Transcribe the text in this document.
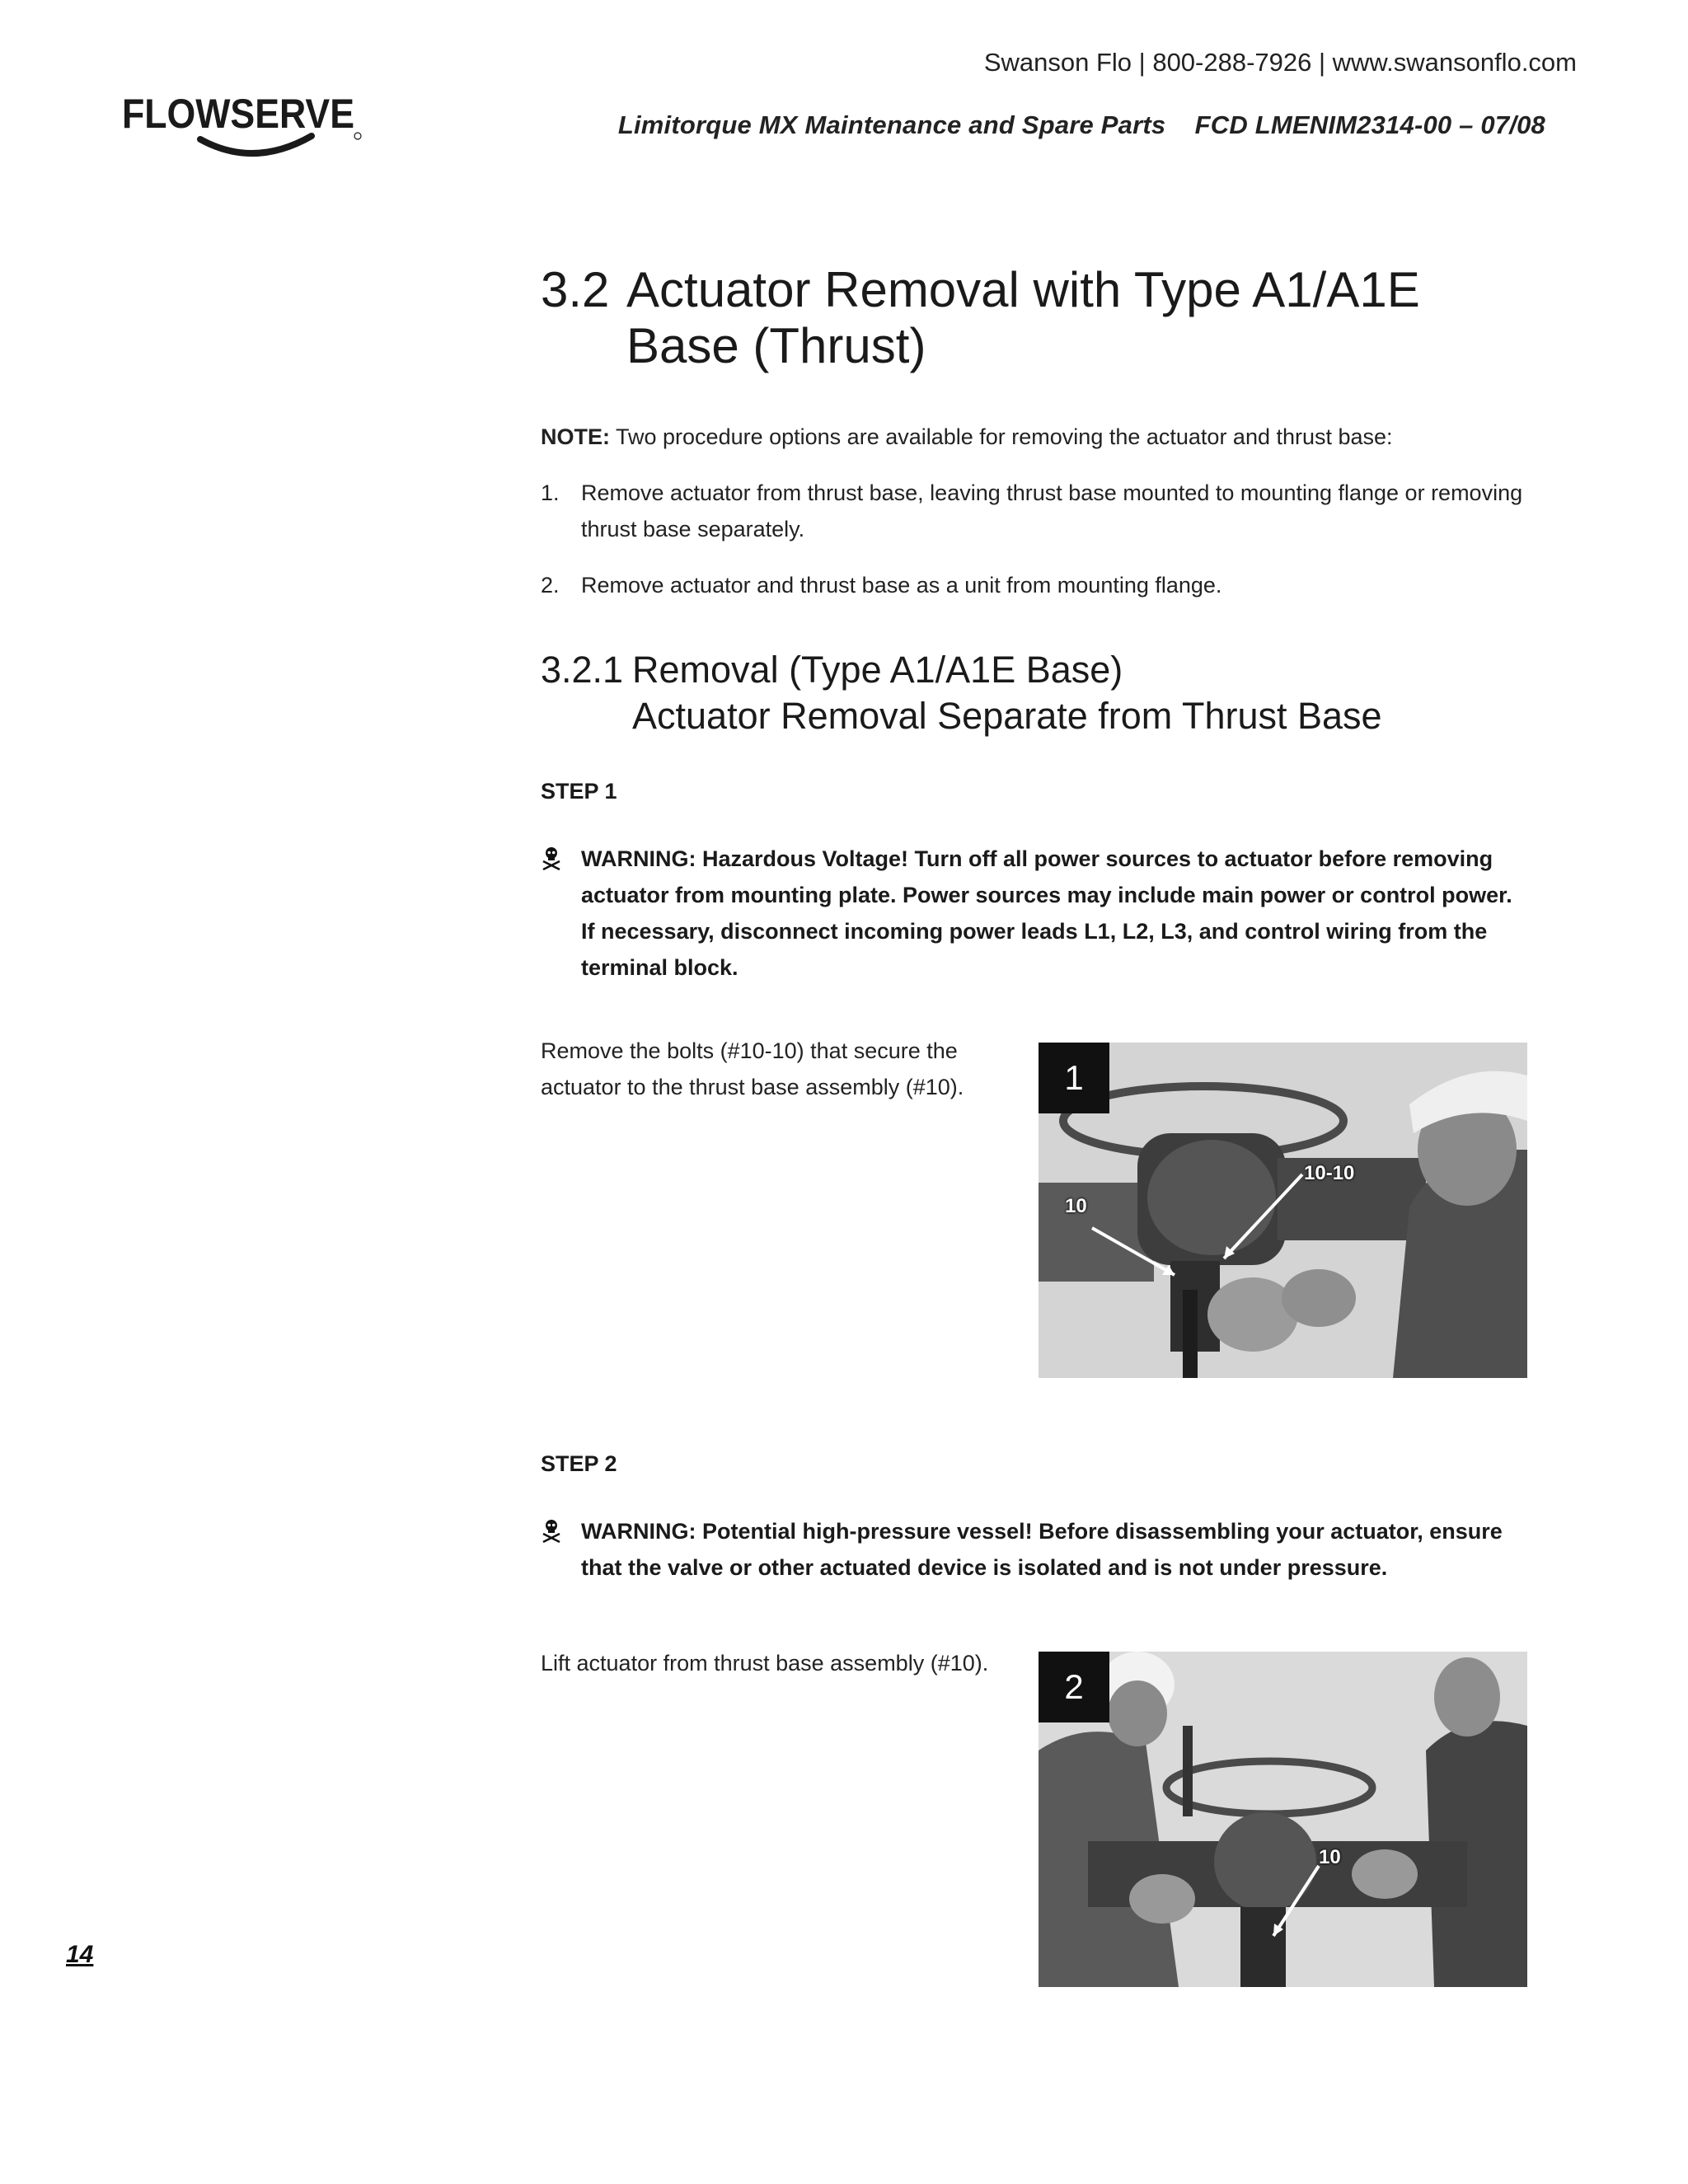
Swanson Flo | 800-288-7926 | www.swansonflo.com
FLOWSERVE	Limitorque MX Maintenance and Spare Parts FCD LMENIM2314-00 – 07/08
3.2 Actuator Removal with Type A1/A1E
Base (Thrust)
NOTE: Two procedure options are available for removing the actuator and thrust base:
1. Remove actuator from thrust base, leaving thrust base mounted to mounting flange or removing thrust base separately.
2. Remove actuator and thrust base as a unit from mounting flange.
3.2.1 Removal (Type A1/A1E Base)
Actuator Removal Separate from Thrust Base
STEP 1
WARNING: Hazardous Voltage! Turn off all power sources to actuator before removing actuator from mounting plate. Power sources may include main power or control power. If necessary, disconnect incoming power leads L1, L2, L3, and control wiring from the terminal block.
Remove the bolts (#10-10) that secure the actuator to the thrust base assembly (#10).	1
10-10
10
STEP 2
WARNING: Potential high-pressure vessel! Before disassembling your actuator, ensure that the valve or other actuated device is isolated and is not under pressure.
Lift actuator from thrust base assembly (#10).
2
10
14
